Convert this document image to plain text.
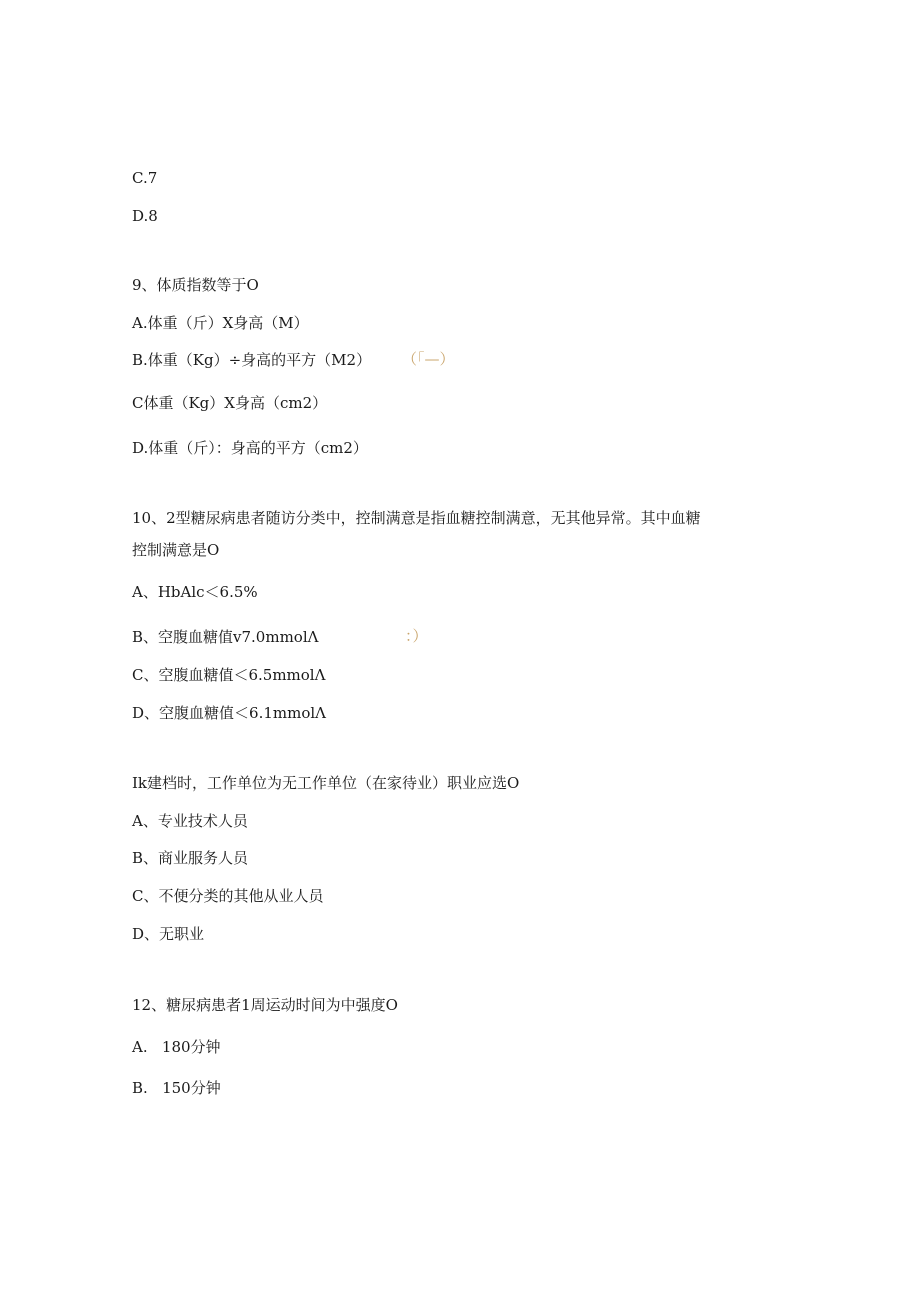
C.7
D.8
9、体质指数等于O
A.体重（斤）X身高（M）
B.体重（Kg）÷身高的平方（M2） （「—）
C体重（Kg）X身高（cm2）
D.体重（斤）：身高的平方（cm2）
10、2型糖尿病患者随访分类中，控制满意是指血糖控制满意，无其他异常。其中血糖
控制满意是O
A、HbAlc＜6.5%
B、空腹血糖值v7.0mmolΛ	：）
C、空腹血糖值＜6.5mmolΛ
D、空腹血糖值＜6.1mmolΛ
Ik建档时，工作单位为无工作单位（在家待业）职业应选O
A、专业技术人员
B、商业服务人员
C、不便分类的其他从业人员
D、无职业
12、糖尿病患者1周运动时间为中强度O
A.   180分钟
B.   150分钟
